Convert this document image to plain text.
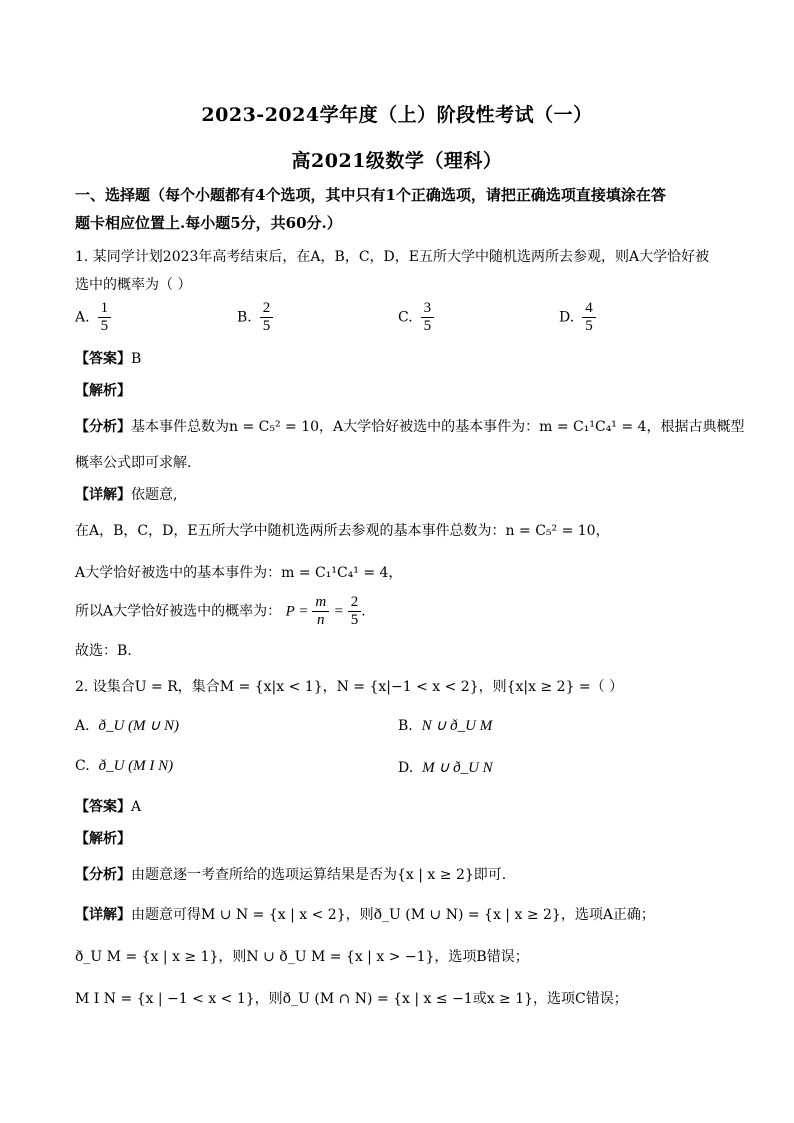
2023-2024学年度（上）阶段性考试（一）
高2021级数学（理科）
一、选择题（每个小题都有4个选项，其中只有1个正确选项，请把正确选项直接填涂在答
题卡相应位置上.每小题5分，共60分.）
1. 某同学计划2023年高考结束后，在A，B，C，D，E五所大学中随机选两所去参观，则A大学恰好被
选中的概率为（ ）
A. $\frac{1}{5}$	B. $\frac{2}{5}$	C. $\frac{3}{5}$	D. $\frac{4}{5}$
【答案】B
【解析】
【分析】基本事件总数为n = C₅² = 10，A大学恰好被选中的基本事件为：m = C₁¹C₄¹ = 4，根据古典概型
概率公式即可求解.
【详解】依题意,
在A，B，C，D，E五所大学中随机选两所去参观的基本事件总数为：n = C₅² = 10，
A大学恰好被选中的基本事件为：m = C₁¹C₄¹ = 4，
所以A大学恰好被选中的概率为： $P = \frac{m}{n} = \frac{2}{5}$ .
故选：B.
2. 设集合U = R，集合M = {x|x < 1}，N = {x|−1 < x < 2}，则{x|x ≥ 2} =（ ）
A. ð_U (M ∪ N)	B. N ∪ ð_U M
C. ð_U (M I N)	D. M ∪ ð_U N
【答案】A
【解析】
【分析】由题意逐一考查所给的选项运算结果是否为{x | x ≥ 2}即可.
【详解】由题意可得M ∪ N = {x | x < 2}，则ð_U (M ∪ N) = {x | x ≥ 2}，选项A正确；
ð_U M = {x | x ≥ 1}，则N ∪ ð_U M = {x | x > −1}，选项B错误；
M I N = {x | −1 < x < 1}，则ð_U (M ∩ N) = {x | x ≤ −1或x ≥ 1}，选项C错误；
